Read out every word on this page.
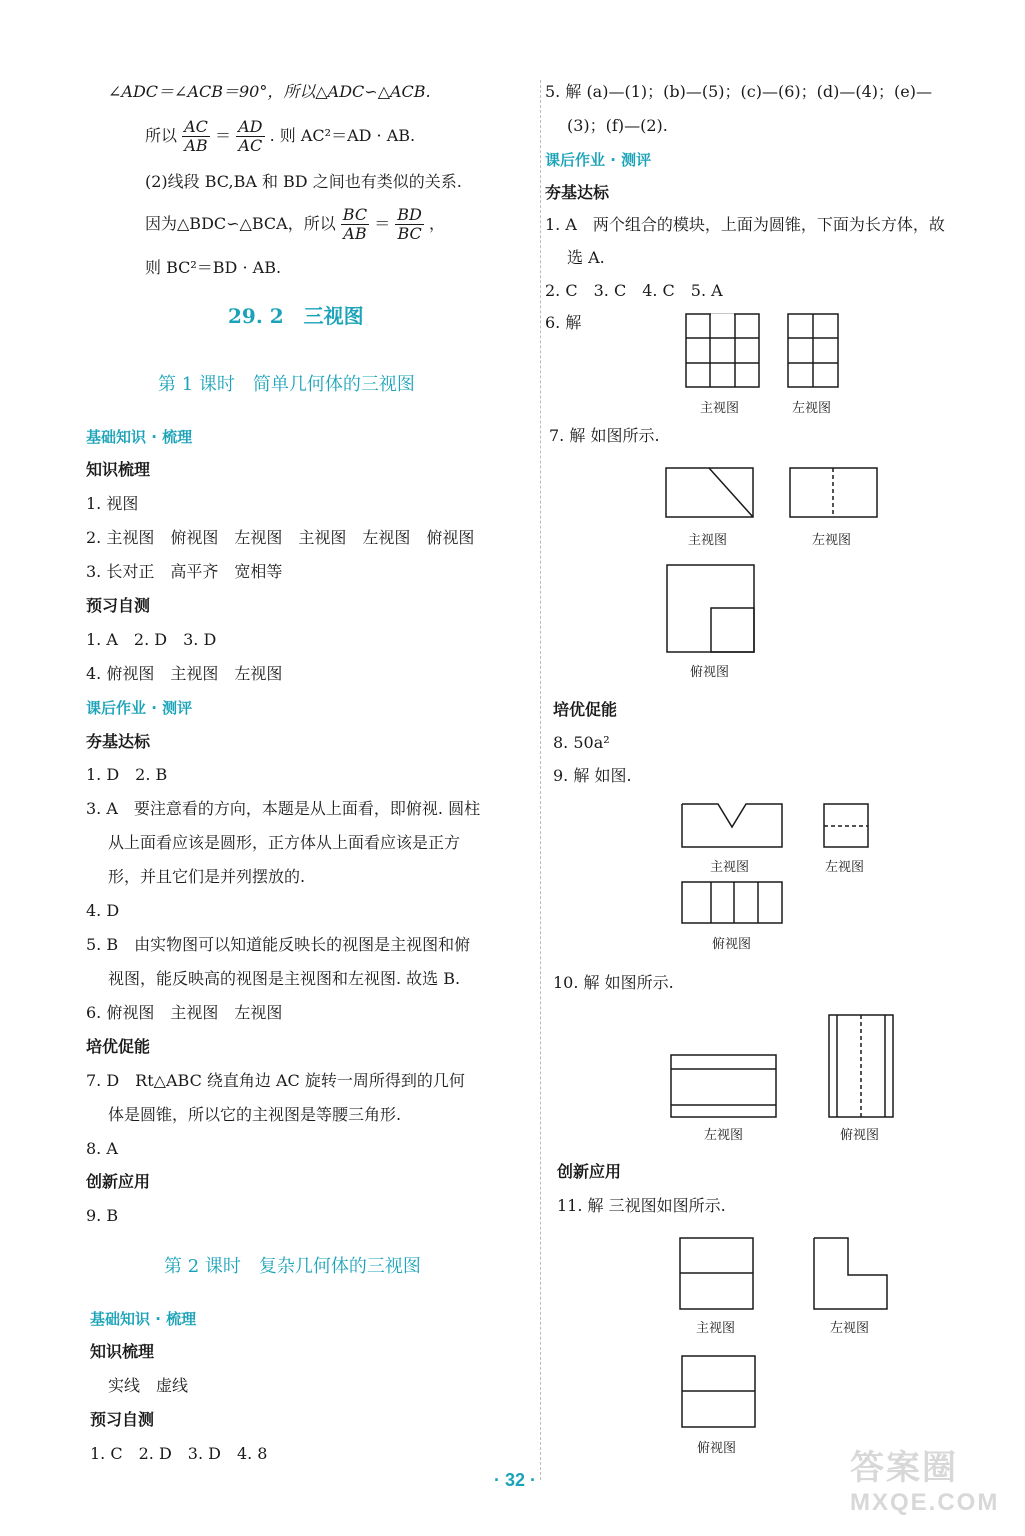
∠ADC＝∠ACB＝90°，所以△ADC∽△ACB.
所以 $\frac{AC}{AB} = \frac{AD}{AC}$ . 则 AC²＝AD · AB.
(2)线段 BC,BA 和 BD 之间也有类似的关系.
因为△BDC∽△BCA，所以 $\frac{BC}{AB} = \frac{BD}{BC}$ ，
则 BC²＝BD · AB.
29. 2　三视图
第 1 课时　简单几何体的三视图
基础知识 · 梳理
知识梳理
1. 视图
2. 主视图　俯视图　左视图　主视图　左视图　俯视图
3. 长对正　高平齐　宽相等
预习自测
1. A　2. D　3. D
4. 俯视图　主视图　左视图
课后作业 · 测评
夯基达标
1. D　2. B
3. A　要注意看的方向，本题是从上面看，即俯视. 圆柱
从上面看应该是圆形，正方体从上面看应该是正方
形，并且它们是并列摆放的.
4. D
5. B　由实物图可以知道能反映长的视图是主视图和俯
视图，能反映高的视图是主视图和左视图. 故选 B.
6. 俯视图　主视图　左视图
培优促能
7. D　Rt△ABC 绕直角边 AC 旋转一周所得到的几何
体是圆锥，所以它的主视图是等腰三角形.
8. A
创新应用
9. B
第 2 课时　复杂几何体的三视图
基础知识 · 梳理
知识梳理
实线　虚线
预习自测
1. C　2. D　3. D　4. 8
5. 解 (a)—(1)；(b)—(5)；(c)—(6)；(d)—(4)；(e)—
(3)；(f)—(2).
课后作业 · 测评
夯基达标
1. A　两个组合的模块，上面为圆锥，下面为长方体，故
选 A.
2. C　3. C　4. C　5. A
6. 解
主视图	左视图
7. 解 如图所示.
主视图	左视图
俯视图
培优促能
8. 50a²
9. 解 如图.
主视图	左视图
俯视图
10. 解 如图所示.
左视图	俯视图
创新应用
11. 解 三视图如图所示.
主视图	左视图
俯视图
· 32 ·	答案圈
MXQE.COM
